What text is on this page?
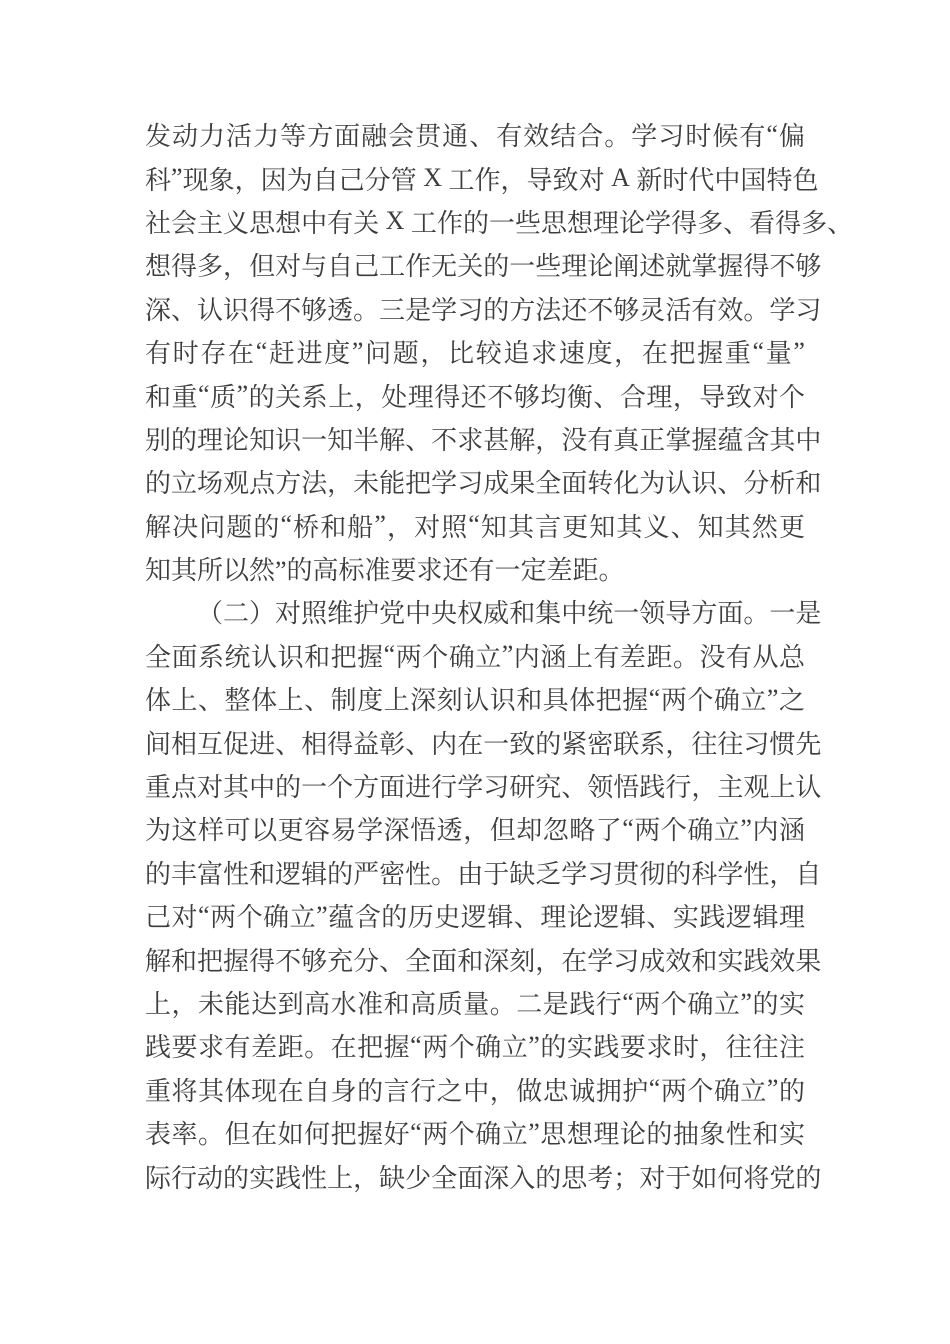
发 动 力 活 力 等 方 面 融 会 贯 通 、 有 效 结 合 。 学 习 时 候 有 “ 偏
科 ” 现 象 ， 因 为 自 己 分 管
X
工 作 ， 导 致 对
A
新 时 代 中 国 特 色
社 会 主 义 思 想 中 有 关
X
工 作 的 一 些 思 想 理 论 学 得 多 、 看 得 多 、
想 得 多 ， 但 对 与 自 己 工 作 无 关 的 一 些 理 论 阐 述 就 掌 握 得 不 够
深 、 认 识 得 不 够 透 。 三 是 学 习 的 方 法 还 不 够 灵 活 有 效 。 学 习
有 时 存 在 “ 赶 进 度 ” 问 题 ， 比 较 追 求 速 度 ， 在 把 握 重 “ 量 ”
和 重 “ 质 ” 的 关 系 上 ， 处 理 得 还 不 够 均 衡 、 合 理 ， 导 致 对 个
别 的 理 论 知 识 一 知 半 解 、 不 求 甚 解 ， 没 有 真 正 掌 握 蕴 含 其 中
的 立 场 观 点 方 法 ， 未 能 把 学 习 成 果 全 面 转 化 为 认 识 、 分 析 和
解 决 问 题 的 “ 桥 和 船 ” ， 对 照 “ 知 其 言 更 知 其 义 、 知 其 然 更
知其所以然”的高标准要求还有一定差距。
（ 二 ） 对 照 维 护 党 中 央 权 威 和 集 中 统 一 领 导 方 面 。 一 是
全 面 系 统 认 识 和 把 握 “ 两 个 确 立 ” 内 涵 上 有 差 距 。 没 有 从 总
体 上 、 整 体 上 、 制 度 上 深 刻 认 识 和 具 体 把 握 “ 两 个 确 立 ” 之
间 相 互 促 进 、 相 得 益 彰 、 内 在 一 致 的 紧 密 联 系 ， 往 往 习 惯 先
重 点 对 其 中 的 一 个 方 面 进 行 学 习 研 究 、 领 悟 践 行 ， 主 观 上 认
为 这 样 可 以 更 容 易 学 深 悟 透 ， 但 却 忽 略 了 “ 两 个 确 立 ” 内 涵
的 丰 富 性 和 逻 辑 的 严 密 性 。 由 于 缺 乏 学 习 贯 彻 的 科 学 性 ， 自
己 对 “ 两 个 确 立 ” 蕴 含 的 历 史 逻 辑 、 理 论 逻 辑 、 实 践 逻 辑 理
解 和 把 握 得 不 够 充 分 、 全 面 和 深 刻 ， 在 学 习 成 效 和 实 践 效 果
上 ， 未 能 达 到 高 水 准 和 高 质 量 。 二 是 践 行 “ 两 个 确 立 ” 的 实
践 要 求 有 差 距 。 在 把 握 “ 两 个 确 立 ” 的 实 践 要 求 时 ， 往 往 注
重 将 其 体 现 在 自 身 的 言 行 之 中 ， 做 忠 诚 拥 护 “ 两 个 确 立 ” 的
表 率 。 但 在 如 何 把 握 好 “ 两 个 确 立 ” 思 想 理 论 的 抽 象 性 和 实
际 行 动 的 实 践 性 上 ， 缺 少 全 面 深 入 的 思 考 ； 对 于 如 何 将 党 的
